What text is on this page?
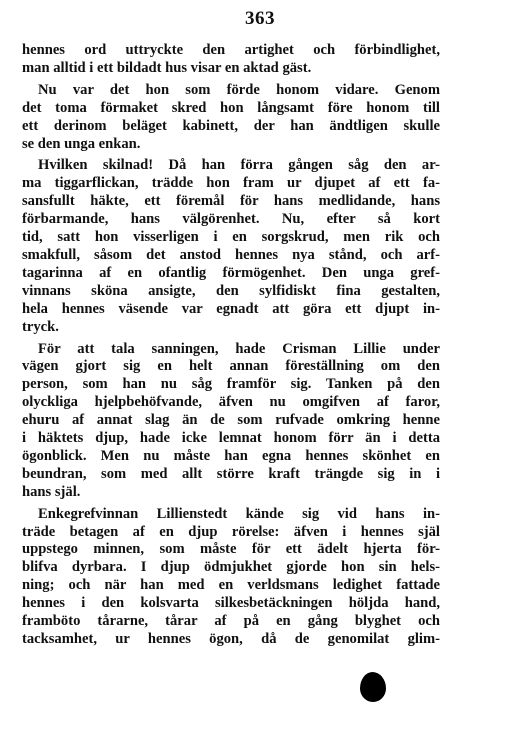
363
hennes ord uttryckte den artighet och förbindlighet,
man alltid i ett bildadt hus visar en aktad gäst.
Nu var det hon som förde honom vidare. Genom
det toma förmaket skred hon långsamt före honom till
ett derinom beläget kabinett, der han ändtligen skulle
se den unga enkan.
Hvilken skilnad! Då han förra gången såg den ar-
ma tiggarflickan, trädde hon fram ur djupet af ett fa-
sansfullt häkte, ett föremål för hans medlidande, hans
förbarmande, hans välgörenhet. Nu, efter så kort
tid, satt hon visserligen i en sorgskrud, men rik och
smakfull, såsom det anstod hennes nya stånd, och arf-
tagarinna af en ofantlig förmögenhet. Den unga gref-
vinnans sköna ansigte, den sylfidiskt fina gestalten,
hela hennes väsende var egnadt att göra ett djupt in-
tryck.
För att tala sanningen, hade Crisman Lillie under
vägen gjort sig en helt annan föreställning om den
person, som han nu såg framför sig. Tanken på den
olyckliga hjelpbehöfvande, äfven nu omgifven af faror,
ehuru af annat slag än de som rufvade omkring henne
i häktets djup, hade icke lemnat honom förr än i detta
ögonblick. Men nu måste han egna hennes skönhet en
beundran, som med allt större kraft trängde sig in i
hans själ.
Enkegrefvinnan Lillienstedt kände sig vid hans in-
träde betagen af en djup rörelse: äfven i hennes själ
uppstego minnen, som måste för ett ädelt hjerta för-
blifva dyrbara. I djup ödmjukhet gjorde hon sin hels-
ning; och när han med en verldsmans ledighet fattade
hennes i den kolsvarta silkesbetäckningen höljda hand,
framböto tårarne, tårar af på en gång blyghet och
tacksamhet, ur hennes ögon, då de genomilat glim-
